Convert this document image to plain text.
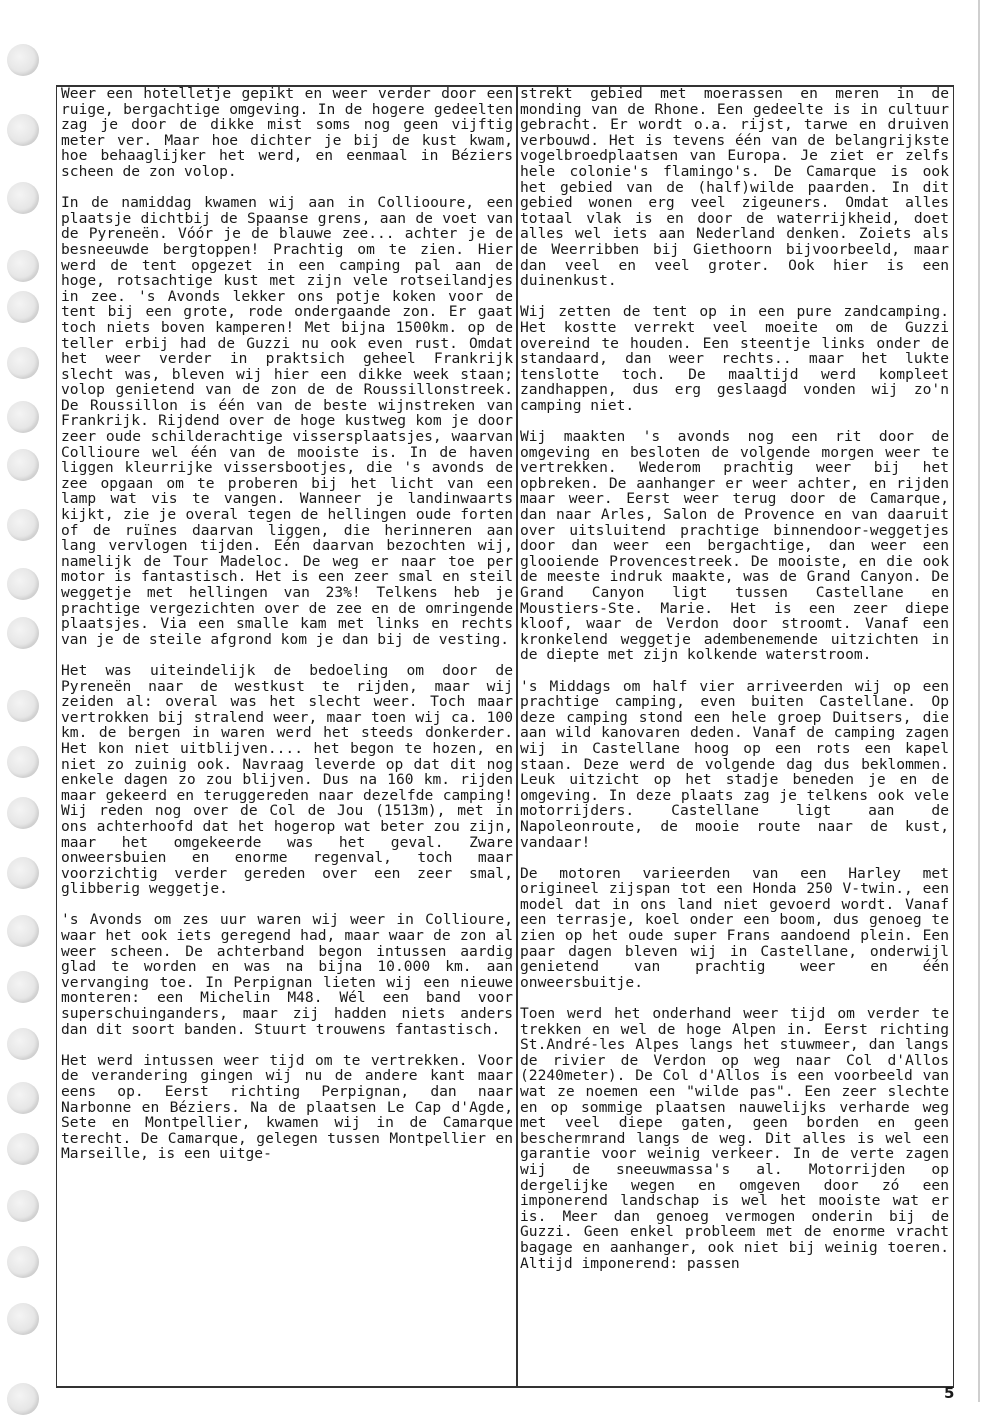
Weer een hotelletje gepikt en weer verder door een ruige, bergachtige omgeving. In de hogere gedeelten zag je door de dikke mist soms nog geen vijftig meter ver. Maar hoe dichter je bij de kust kwam, hoe behaaglijker het werd, en eenmaal in Béziers scheen de zon volop.

In de namiddag kwamen wij aan in Colliooure, een plaatsje dichtbij de Spaanse grens, aan de voet van de Pyreneën. Vóór je de blauwe zee... achter je de besneeuwde bergtoppen! Prachtig om te zien. Hier werd de tent opgezet in een camping pal aan de hoge, rotsachtige kust met zijn vele rotseilandjes in zee. 's Avonds lekker ons potje koken voor de tent bij een grote, rode ondergaande zon. Er gaat toch niets boven kamperen! Met bijna 1500km. op de teller erbij had de Guzzi nu ook even rust. Omdat het weer verder in praktsich geheel Frankrijk slecht was, bleven wij hier een dikke week staan; volop genietend van de zon de de Roussillonstreek. De Roussillon is één van de beste wijnstreken van Frankrijk. Rijdend over de hoge kustweg kom je door zeer oude schilderachtige vissersplaatsjes, waarvan Collioure wel één van de mooiste is. In de haven liggen kleurrijke vissersbootjes, die 's avonds de zee opgaan om te proberen bij het licht van een lamp wat vis te vangen. Wanneer je landinwaarts kijkt, zie je overal tegen de hellingen oude forten of de ruïnes daarvan liggen, die herinneren aan lang vervlogen tijden. Eén daarvan bezochten wij, namelijk de Tour Madeloc. De weg er naar toe per motor is fantastisch. Het is een zeer smal en steil weggetje met hellingen van 23%! Telkens heb je prachtige vergezichten over de zee en de omringende plaatsjes. Via een smalle kam met links en rechts van je de steile afgrond kom je dan bij de vesting.

Het was uiteindelijk de bedoeling om door de Pyreneën naar de westkust te rijden, maar wij zeiden al: overal was het slecht weer. Toch maar vertrokken bij stralend weer, maar toen wij ca. 100 km. de bergen in waren werd het steeds donkerder. Het kon niet uitblijven.... het begon te hozen, en niet zo zuinig ook. Navraag leverde op dat dit nog enkele dagen zo zou blijven. Dus na 160 km. rijden maar gekeerd en teruggereden naar dezelfde camping! Wij reden nog over de Col de Jou (1513m), met in ons achterhoofd dat het hogerop wat beter zou zijn, maar het omgekeerde was het geval. Zware onweersbuien en enorme regenval, toch maar voorzichtig verder gereden over een zeer smal, glibberig weggetje.

's Avonds om zes uur waren wij weer in Collioure, waar het ook iets geregend had, maar waar de zon al weer scheen. De achterband begon intussen aardig glad te worden en was na bijna 10.000 km. aan vervanging toe. In Perpignan lieten wij een nieuwe monteren: een Michelin M48. Wél een band voor superschuinganders, maar zij hadden niets anders dan dit soort banden. Stuurt trouwens fantastisch.

Het werd intussen weer tijd om te vertrekken. Voor de verandering gingen wij nu de andere kant maar eens op. Eerst richting Perpignan, dan naar Narbonne en Béziers. Na de plaatsen Le Cap d'Agde, Sete en Montpellier, kwamen wij in de Camarque terecht. De Camarque, gelegen tussen Montpellier en Marseille, is een uitge-

strekt gebied met moerassen en meren in de monding van de Rhone. Een gedeelte is in cultuur gebracht. Er wordt o.a. rijst, tarwe en druiven verbouwd. Het is tevens één van de belangrijkste vogelbroedplaatsen van Europa. Je ziet er zelfs hele colonie's flamingo's. De Camarque is ook het gebied van de (half)wilde paarden. In dit gebied wonen erg veel zigeuners. Omdat alles totaal vlak is en door de waterrijkheid, doet alles wel iets aan Nederland denken. Zoiets als de Weerribben bij Giethoorn bijvoorbeeld, maar dan veel en veel groter. Ook hier is een duinenkust.

Wij zetten de tent op in een pure zandcamping. Het kostte verrekt veel moeite om de Guzzi overeind te houden. Een steentje links onder de standaard, dan weer rechts.. maar het lukte tenslotte toch. De maaltijd werd kompleet zandhappen, dus erg geslaagd vonden wij zo'n camping niet.

Wij maakten 's avonds nog een rit door de omgeving en besloten de volgende morgen weer te vertrekken. Wederom prachtig weer bij het opbreken. De aanhanger er weer achter, en rijden maar weer. Eerst weer terug door de Camarque, dan naar Arles, Salon de Provence en van daaruit over uitsluitend prachtige binnendoor-weggetjes door dan weer een bergachtige, dan weer een glooiende Provencestreek. De mooiste, en die ook de meeste indruk maakte, was de Grand Canyon. De Grand Canyon ligt tussen Castellane en Moustiers-Ste. Marie. Het is een zeer diepe kloof, waar de Verdon door stroomt. Vanaf een kronkelend weggetje adembenemende uitzichten in de diepte met zijn kolkende waterstroom.

's Middags om half vier arriveerden wij op een prachtige camping, even buiten Castellane. Op deze camping stond een hele groep Duitsers, die aan wild kanovaren deden. Vanaf de camping zagen wij in Castellane hoog op een rots een kapel staan. Deze werd de volgende dag dus beklommen. Leuk uitzicht op het stadje beneden je en de omgeving. In deze plaats zag je telkens ook vele motorrijders. Castellane ligt aan de Napoleonroute, de mooie route naar de kust, vandaar!

De motoren varieerden van een Harley met origineel zijspan tot een Honda 250 V-twin., een model dat in ons land niet gevoerd wordt. Vanaf een terrasje, koel onder een boom, dus genoeg te zien op het oude super Frans aandoend plein. Een paar dagen bleven wij in Castellane, onderwijl genietend van prachtig weer en één onweersbuitje.

Toen werd het onderhand weer tijd om verder te trekken en wel de hoge Alpen in. Eerst richting St.André-les Alpes langs het stuwmeer, dan langs de rivier de Verdon op weg naar Col d'Allos (2240meter). De Col d'Allos is een voorbeeld van wat ze noemen een "wilde pas". Een zeer slechte en op sommige plaatsen nauwelijks verharde weg met veel diepe gaten, geen borden en geen beschermrand langs de weg. Dit alles is wel een garantie voor weinig verkeer. In de verte zagen wij de sneeuwmassa's al. Motorrijden op dergelijke wegen en omgeven door zó een imponerend landschap is wel het mooiste wat er is. Meer dan genoeg vermogen onderin bij de Guzzi. Geen enkel probleem met de enorme vracht bagage en aanhanger, ook niet bij weinig toeren. Altijd imponerend: passen

5
